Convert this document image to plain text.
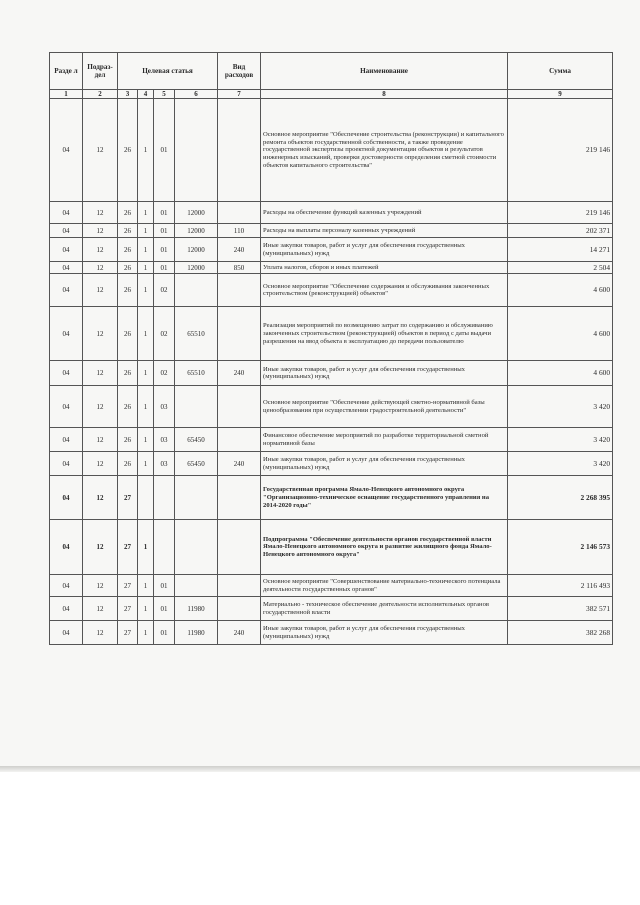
Разде л	Подраз- дел	Целевая статья				Вид расходов	Наименование	Сумма
1	2	3	4	5	6	7	8	9
04	12	26	1	01			Основное мероприятие "Обеспечение строительства (реконструкции) и капитального ремонта объектов государственной собственности, а также проведение государственной экспертизы проектной документации объектов и результатов инженерных изысканий, проверки достоверности определения сметной стоимости объектов капитального строительства"	219 146
04	12	26	1	01	12000		Расходы на обеспечение функций казенных учреждений	219 146
04	12	26	1	01	12000	110	Расходы на выплаты персоналу казенных учреждений	202 371
04	12	26	1	01	12000	240	Иные закупки товаров, работ и услуг для обеспечения государственных (муниципальных) нужд	14 271
04	12	26	1	01	12000	850	Уплата налогов, сборов и иных платежей	2 504
04	12	26	1	02			Основное мероприятие "Обеспечение содержания и обслуживания законченных строительством (реконструкцией) объектов"	4 600
04	12	26	1	02	65510		Реализация мероприятий по возмещению затрат по содержанию и обслуживанию законченных строительством (реконструкцией) объектов в период с даты выдачи разрешения на ввод объекта в эксплуатацию до передачи пользователю	4 600
04	12	26	1	02	65510	240	Иные закупки товаров, работ и услуг для обеспечения государственных (муниципальных) нужд	4 600
04	12	26	1	03			Основное мероприятие "Обеспечение действующей сметно-нормативной базы ценообразования при осуществлении градостроительной деятельности"	3 420
04	12	26	1	03	65450		Финансовое обеспечение мероприятий по разработке территориальной сметной нормативной базы	3 420
04	12	26	1	03	65450	240	Иные закупки товаров, работ и услуг для обеспечения государственных (муниципальных) нужд	3 420
04	12	27					Государственная программа Ямало-Ненецкого автономного округа "Организационно-техническое оснащение государственного управления на 2014-2020 годы"	2 268 395
04	12	27	1				Подпрограмма "Обеспечение деятельности органов государственной власти Ямало-Ненецкого автономного округа и развитие жилищного фонда Ямало-Ненецкого автономного округа"	2 146 573
04	12	27	1	01			Основное мероприятие "Совершенствование материально-технического потенциала деятельности государственных органов"	2 116 493
04	12	27	1	01	11980		Материально - техническое обеспечение деятельности исполнительных органов государственной власти	382 571
04	12	27	1	01	11980	240	Иные закупки товаров, работ и услуг для обеспечения государственных (муниципальных) нужд	382 268
